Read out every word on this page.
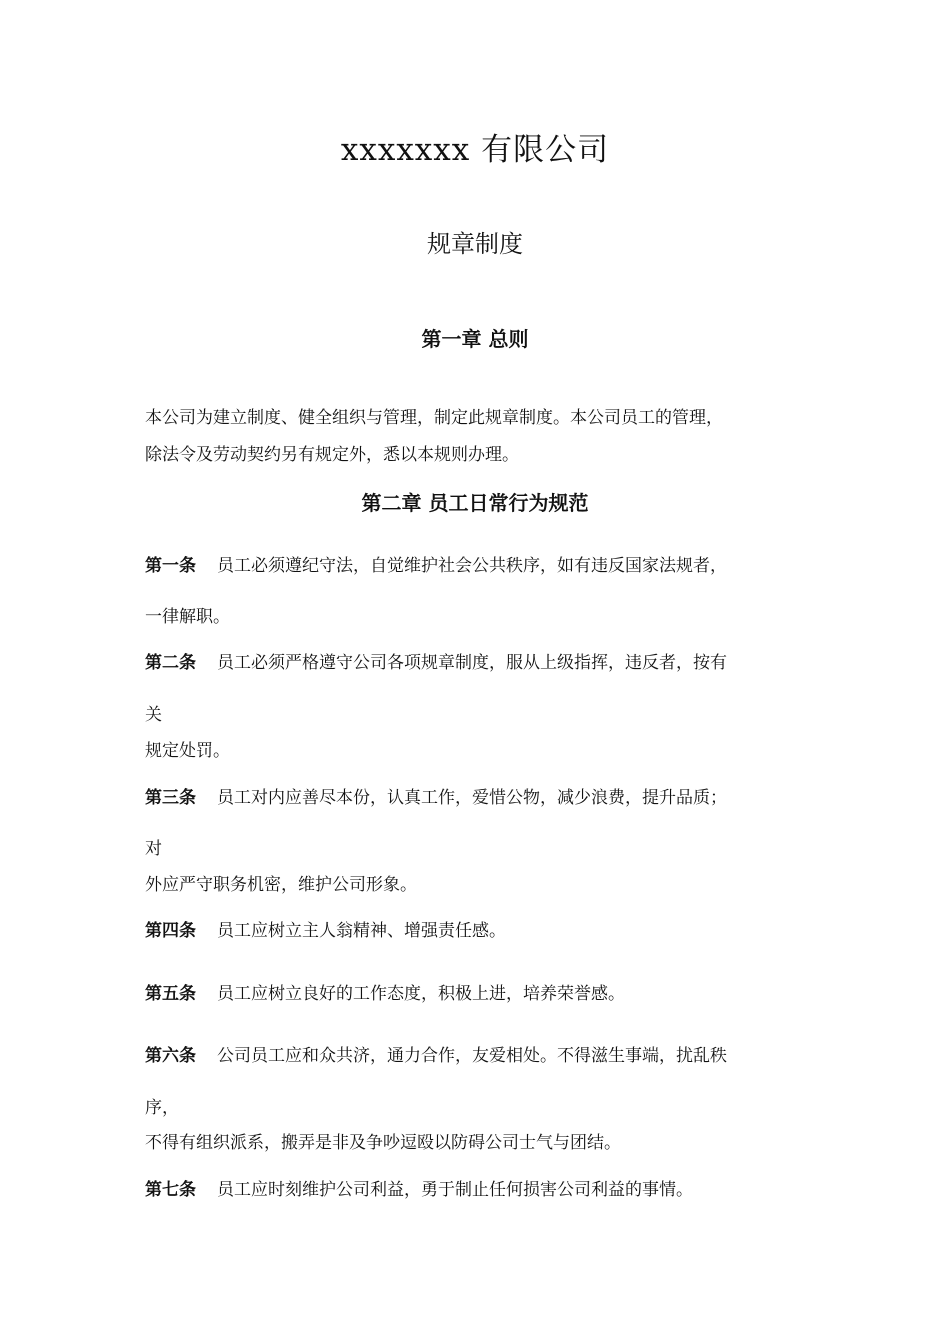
xxxxxxx 有限公司
规章制度
第一章 总则
本公司为建立制度、健全组织与管理，制定此规章制度。本公司员工的管理，
除法令及劳动契约另有规定外，悉以本规则办理。
第二章 员工日常行为规范
第一条 员工必须遵纪守法，自觉维护社会公共秩序，如有违反国家法规者，
一律解职。
第二条 员工必须严格遵守公司各项规章制度，服从上级指挥，违反者，按有
关
规定处罚。
第三条 员工对内应善尽本份，认真工作，爱惜公物，减少浪费，提升品质；
对
外应严守职务机密，维护公司形象。
第四条 员工应树立主人翁精神、增强责任感。
第五条 员工应树立良好的工作态度，积极上进，培养荣誉感。
第六条 公司员工应和众共济，通力合作，友爱相处。不得滋生事端，扰乱秩
序，
不得有组织派系，搬弄是非及争吵逗殴以防碍公司士气与团结。
第七条 员工应时刻维护公司利益，勇于制止任何损害公司利益的事情。
